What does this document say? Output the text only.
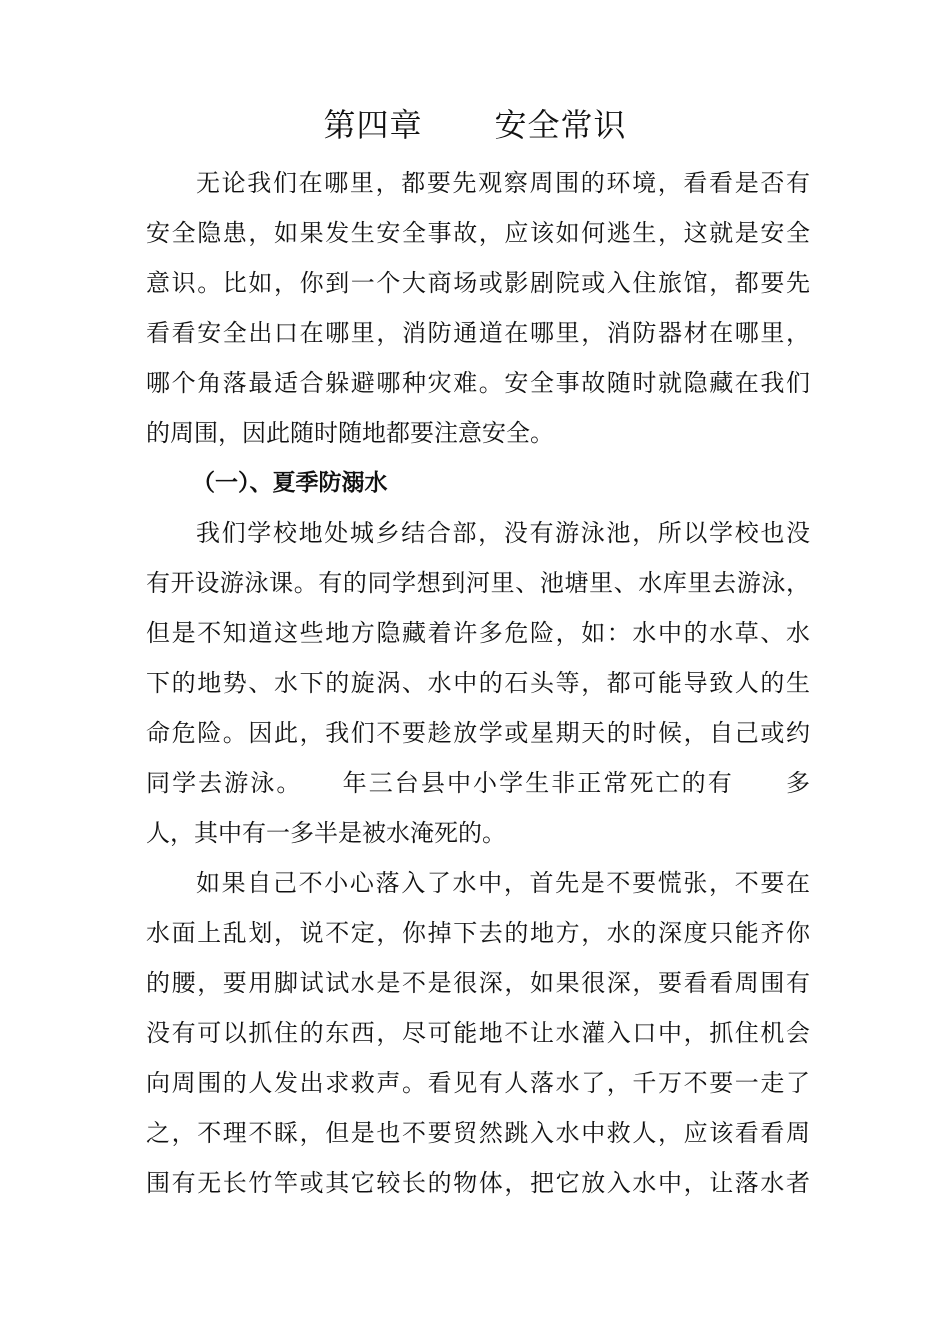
第四章 安全常识
无论我们在哪里，都要先观察周围的环境，看看是否有
安全隐患，如果发生安全事故，应该如何逃生，这就是安全
意识。比如，你到一个大商场或影剧院或入住旅馆，都要先
看看安全出口在哪里，消防通道在哪里，消防器材在哪里，
哪个角落最适合躲避哪种灾难。安全事故随时就隐藏在我们
的周围，因此随时随地都要注意安全。
（一）、夏季防溺水
我们学校地处城乡结合部，没有游泳池，所以学校也没
有开设游泳课。有的同学想到河里、池塘里、水库里去游泳，
但是不知道这些地方隐藏着许多危险，如：水中的水草、水
下的地势、水下的旋涡、水中的石头等，都可能导致人的生
命危险。因此，我们不要趁放学或星期天的时候，自己或约
同学去游泳。　　年三台县中小学生非正常死亡的有　　多
人，其中有一多半是被水淹死的。
如果自己不小心落入了水中，首先是不要慌张，不要在
水面上乱划，说不定，你掉下去的地方，水的深度只能齐你
的腰，要用脚试试水是不是很深，如果很深，要看看周围有
没有可以抓住的东西，尽可能地不让水灌入口中，抓住机会
向周围的人发出求救声。看见有人落水了，千万不要一走了
之，不理不睬，但是也不要贸然跳入水中救人，应该看看周
围有无长竹竿或其它较长的物体，把它放入水中，让落水者
